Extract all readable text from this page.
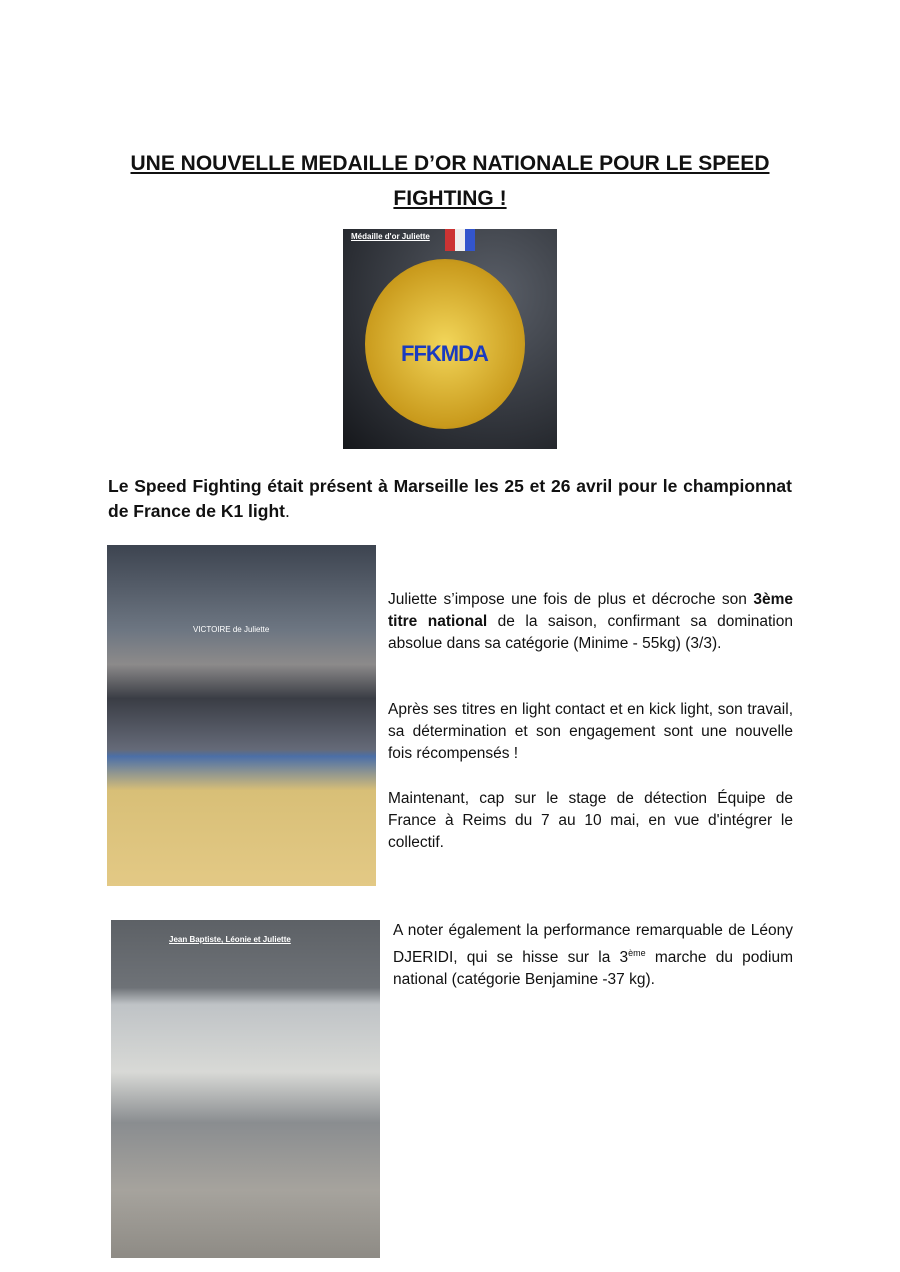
UNE NOUVELLE MEDAILLE D’OR NATIONALE POUR LE SPEED FIGHTING !
Médaille d'or Juliette
FFKMDA
Le Speed Fighting était présent à Marseille les 25 et 26 avril pour le championnat de France de K1 light.
VICTOIRE de Juliette
Juliette s’impose une fois de plus et décroche son 3ème titre national de la saison, confirmant sa domination absolue dans sa catégorie (Minime - 55kg) (3/3).
Après ses titres en light contact et en kick light, son travail, sa détermination et son engagement sont une nouvelle fois récompensés !
Maintenant, cap sur le stage de détection Équipe de France à Reims du 7 au 10 mai, en vue d'intégrer le collectif.
Jean Baptiste, Léonie et Juliette
A noter également la performance remarquable de Léony DJERIDI, qui se hisse sur la 3ème marche du podium national (catégorie Benjamine -37 kg).
